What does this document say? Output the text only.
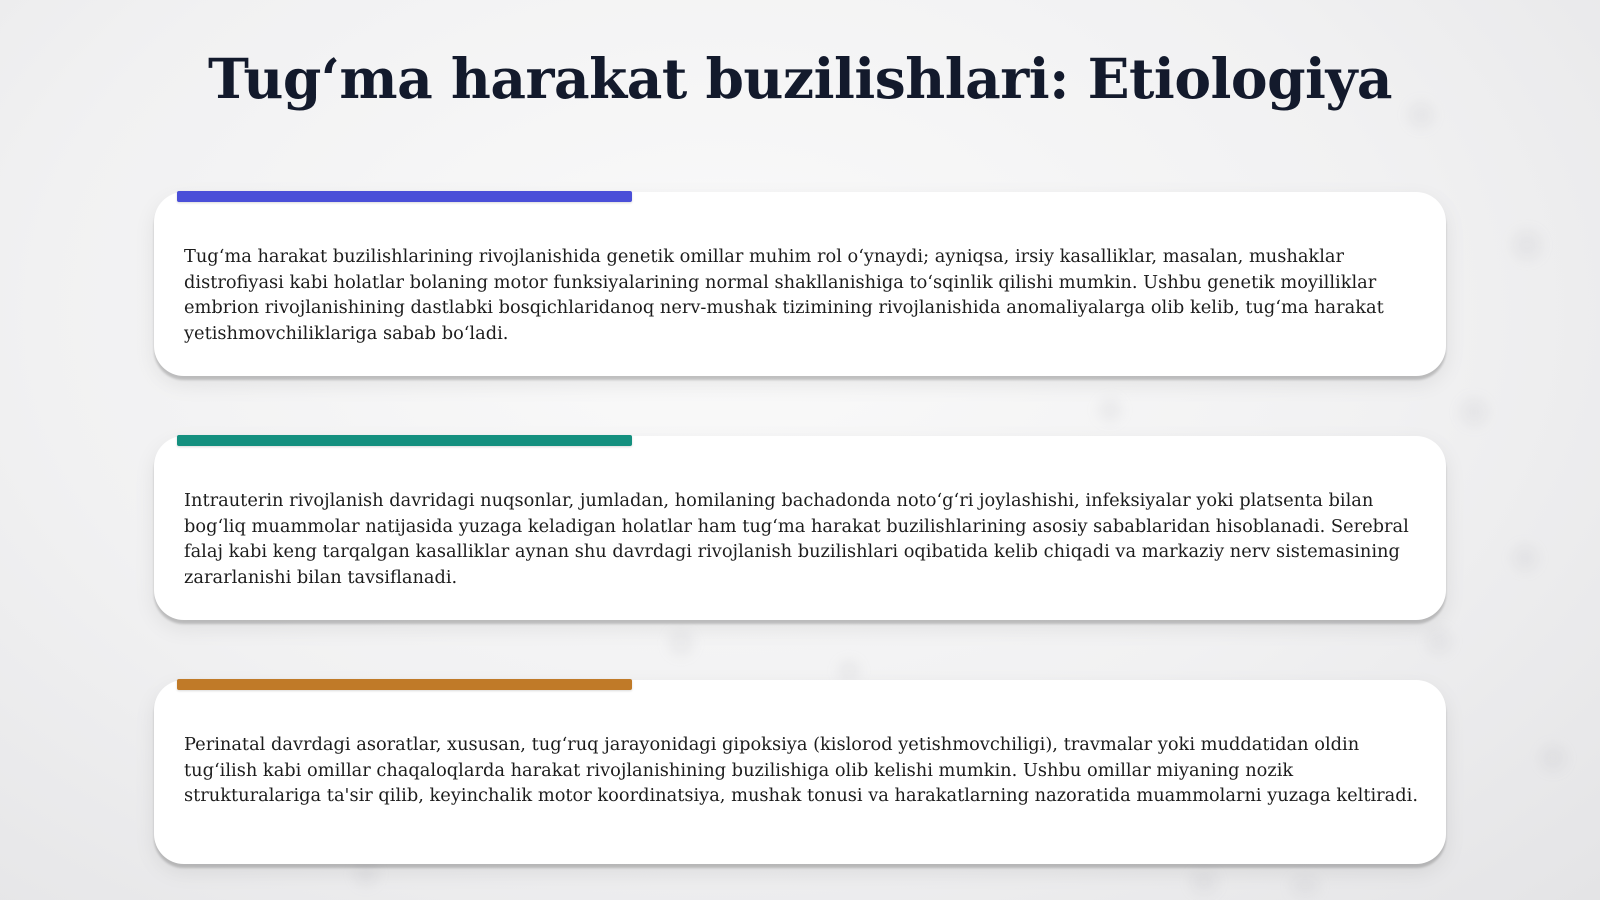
Tug‘ma harakat buzilishlari: Etiologiya

Tug‘ma harakat buzilishlarining rivojlanishida genetik omillar muhim rol o‘ynaydi; ayniqsa, irsiy kasalliklar, masalan, mushaklar distrofiyasi kabi holatlar bolaning motor funksiyalarining normal shakllanishiga to‘sqinlik qilishi mumkin. Ushbu genetik moyilliklar embrion rivojlanishining dastlabki bosqichlaridanoq nerv-mushak tizimining rivojlanishida anomaliyalarga olib kelib, tug‘ma harakat yetishmovchiliklariga sabab bo‘ladi.

Intrauterin rivojlanish davridagi nuqsonlar, jumladan, homilaning bachadonda noto‘g‘ri joylashishi, infeksiyalar yoki platsenta bilan bog‘liq muammolar natijasida yuzaga keladigan holatlar ham tug‘ma harakat buzilishlarining asosiy sabablaridan hisoblanadi. Serebral falaj kabi keng tarqalgan kasalliklar aynan shu davrdagi rivojlanish buzilishlari oqibatida kelib chiqadi va markaziy nerv sistemasining zararlanishi bilan tavsiflanadi.

Perinatal davrdagi asoratlar, xususan, tug‘ruq jarayonidagi gipoksiya (kislorod yetishmovchiligi), travmalar yoki muddatidan oldin tug‘ilish kabi omillar chaqaloqlarda harakat rivojlanishining buzilishiga olib kelishi mumkin. Ushbu omillar miyaning nozik strukturalariga ta'sir qilib, keyinchalik motor koordinatsiya, mushak tonusi va harakatlarning nazoratida muammolarni yuzaga keltiradi.
